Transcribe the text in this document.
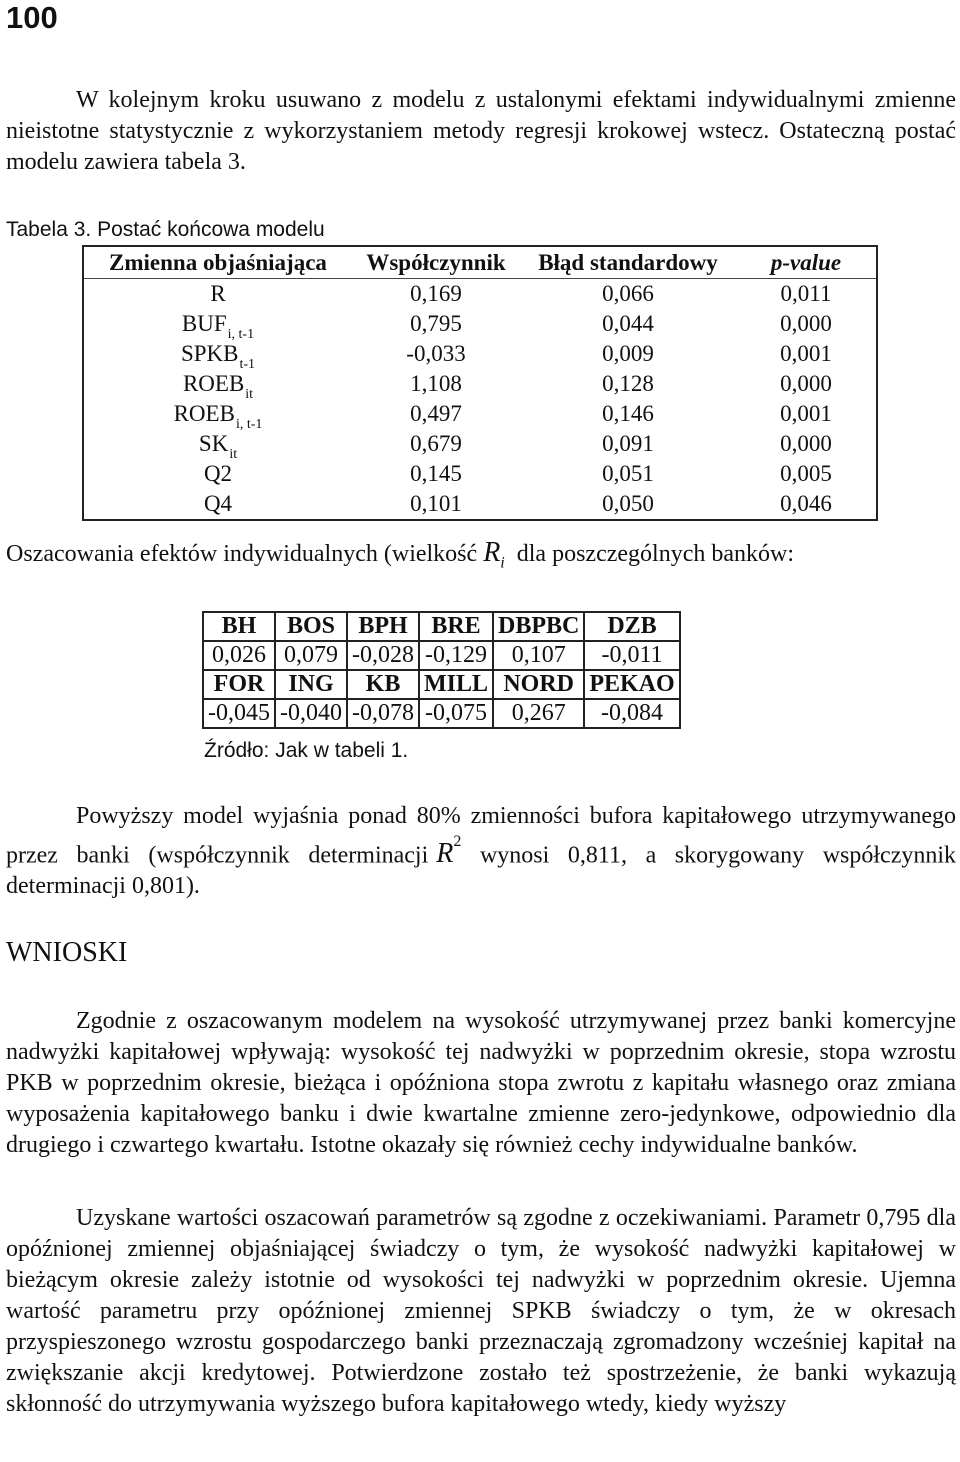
100
W kolejnym kroku usuwano z modelu z ustalonymi efektami indywidualnymi zmienne nieistotne statystycznie z wykorzystaniem metody regresji krokowej wstecz. Ostateczną postać modelu zawiera tabela 3.
Tabela 3. Postać końcowa modelu
Zmienna objaśniająca	Współczynnik	Błąd standardowy	p-value
R	0,169	0,066	0,011
$BUF_{i, t-1}$	0,795	0,044	0,000
$SPKB_{t-1}$	-0,033	0,009	0,001
$ROEB_{it}$	1,108	0,128	0,000
$ROEB_{i, t-1}$	0,497	0,146	0,001
$SK_{it}$	0,679	0,091	0,000
Q2	0,145	0,051	0,005
Q4	0,101	0,050	0,046
Oszacowania efektów indywidualnych (wielkość $R_i$ dla poszczególnych banków:
BH	BOS	BPH	BRE	DBPBC	DZB
0,026	0,079	-0,028	-0,129	0,107	-0,011
FOR	ING	KB	MILL	NORD	PEKAO
-0,045	-0,040	-0,078	-0,075	0,267	-0,084
Źródło: Jak w tabeli 1.
Powyższy model wyjaśnia ponad 80% zmienności bufora kapitałowego utrzymywanego przez banki (współczynnik determinacji $R^2$ wynosi 0,811, a skorygowany współczynnik determinacji 0,801).
WNIOSKI
Zgodnie z oszacowanym modelem na wysokość utrzymywanej przez banki komercyjne nadwyżki kapitałowej wpływają: wysokość tej nadwyżki w poprzednim okresie, stopa wzrostu PKB w poprzednim okresie, bieżąca i opóźniona stopa zwrotu z kapitału własnego oraz zmiana wyposażenia kapitałowego banku i dwie kwartalne zmienne zero-jedynkowe, odpowiednio dla drugiego i czwartego kwartału. Istotne okazały się również cechy indywidualne banków.
Uzyskane wartości oszacowań parametrów są zgodne z oczekiwaniami. Parametr 0,795 dla opóźnionej zmiennej objaśniającej świadczy o tym, że wysokość nadwyżki kapitałowej w bieżącym okresie zależy istotnie od wysokości tej nadwyżki w poprzednim okresie. Ujemna wartość parametru przy opóźnionej zmiennej SPKB świadczy o tym, że w okresach przyspieszonego wzrostu gospodarczego banki przeznaczają zgromadzony wcześniej kapitał na zwiększanie akcji kredytowej. Potwierdzone zostało też spostrzeżenie, że banki wykazują skłonność do utrzymywania wyższego bufora kapitałowego wtedy, kiedy wyższy
